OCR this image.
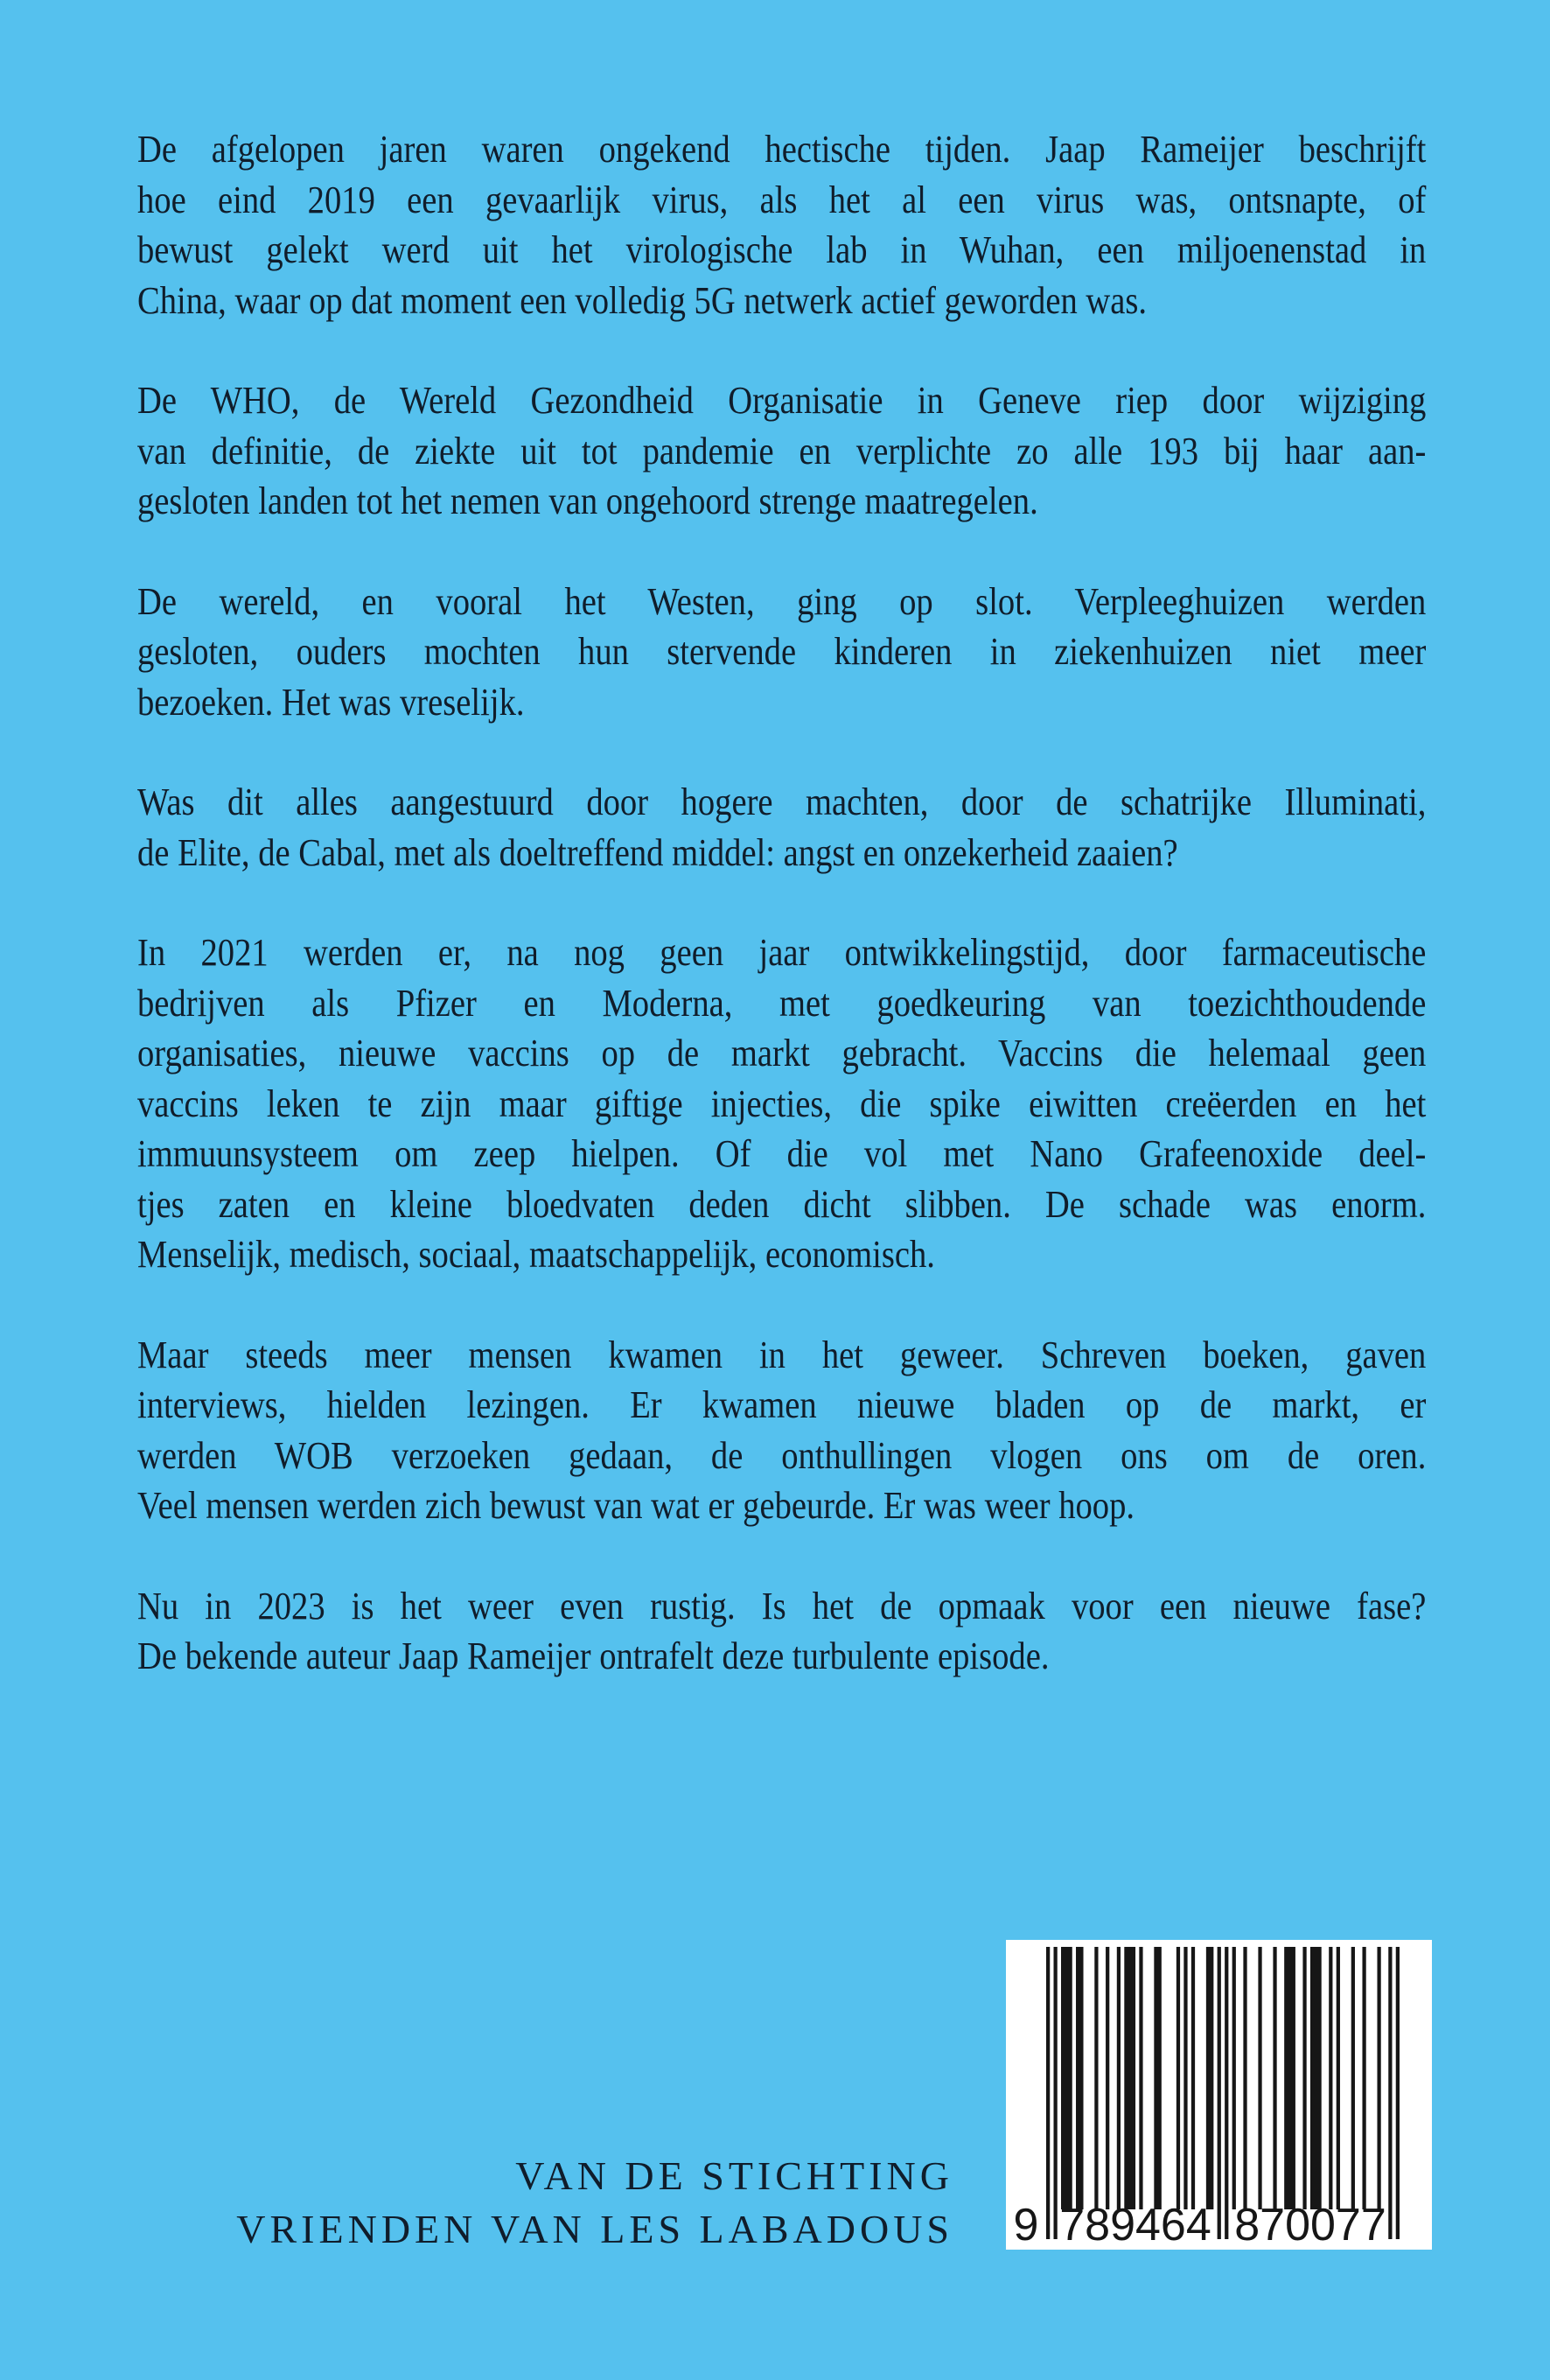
De afgelopen jaren waren ongekend hectische tijden. Jaap Rameijer beschrijft
hoe eind 2019 een gevaarlijk virus, als het al een virus was, ontsnapte, of
bewust gelekt werd uit het virologische lab in Wuhan, een miljoenenstad in
China, waar op dat moment een volledig 5G netwerk actief geworden was.
De WHO, de Wereld Gezondheid Organisatie in Geneve riep door wijziging
van definitie, de ziekte uit tot pandemie en verplichte zo alle 193 bij haar aan-
gesloten landen tot het nemen van ongehoord strenge maatregelen.
De wereld, en vooral het Westen, ging op slot. Verpleeghuizen werden
gesloten, ouders mochten hun stervende kinderen in ziekenhuizen niet meer
bezoeken. Het was vreselijk.
Was dit alles aangestuurd door hogere machten, door de schatrijke Illuminati,
de Elite, de Cabal, met als doeltreffend middel: angst en onzekerheid zaaien?
In 2021 werden er, na nog geen jaar ontwikkelingstijd, door farmaceutische
bedrijven als Pfizer en Moderna, met goedkeuring van toezichthoudende
organisaties, nieuwe vaccins op de markt gebracht. Vaccins die helemaal geen
vaccins leken te zijn maar giftige injecties, die spike eiwitten creëerden en het
immuunsysteem om zeep hielpen. Of die vol met Nano Grafeenoxide deel-
tjes zaten en kleine bloedvaten deden dicht slibben. De schade was enorm.
Menselijk, medisch, sociaal, maatschappelijk, economisch.
Maar steeds meer mensen kwamen in het geweer. Schreven boeken, gaven
interviews, hielden lezingen. Er kwamen nieuwe bladen op de markt, er
werden WOB verzoeken gedaan, de onthullingen vlogen ons om de oren.
Veel mensen werden zich bewust van wat er gebeurde. Er was weer hoop.
Nu in 2023 is het weer even rustig. Is het de opmaak voor een nieuwe fase?
De bekende auteur Jaap Rameijer ontrafelt deze turbulente episode.
VAN DE STICHTING
VRIENDEN VAN LES LABADOUS 9 789464 870077
